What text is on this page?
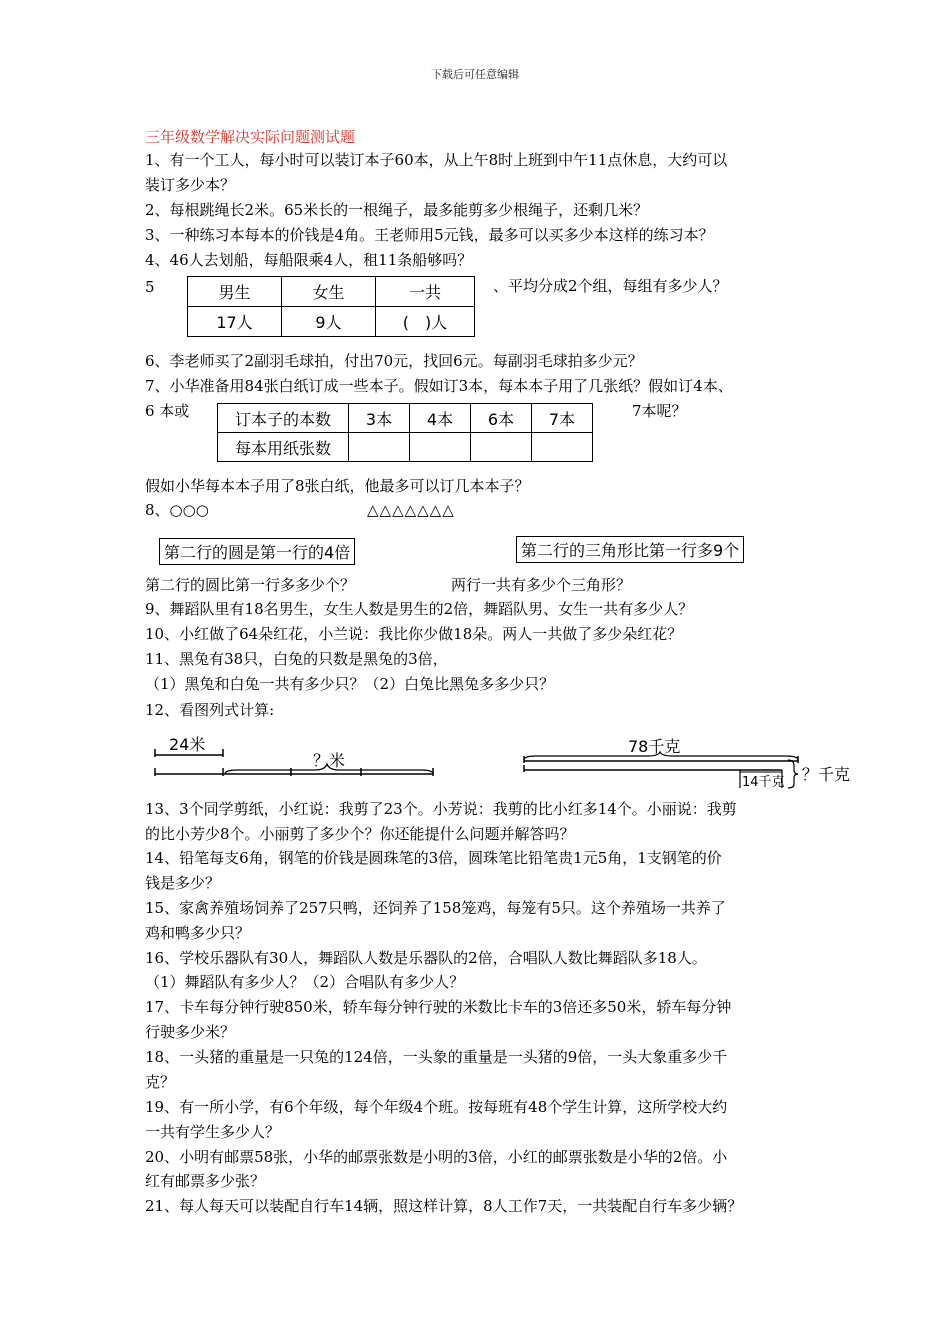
下载后可任意编辑
三年级数学解决实际问题测试题
1、有一个工人，每小时可以装订本子60本，从上午8时上班到中午11点休息，大约可以
装订多少本？
2、每根跳绳长2米。65米长的一根绳子，最多能剪多少根绳子，还剩几米？
3、一种练习本每本的价钱是4角。王老师用5元钱，最多可以买多少本这样的练习本？
4、46人去划船，每船限乘4人，租11条船够吗？
5	男生	女生	一共
17人	9人	(　)人
、平均分成2个组，每组有多少人？
6、李老师买了2副羽毛球拍，付出70元，找回6元。每副羽毛球拍多少元？
7、小华准备用84张白纸订成一些本子。假如订3本，每本本子用了几张纸？假如订4本、
6 本或	订本子的本数	3本	4本	6本	7本
每本用纸张数				
7本呢？
假如小华每本本子用了8张白纸，他最多可以订几本本子？
8、○○○	△△△△△△△
第二行的圆是第一行的4倍	第二行的三角形比第一行多9个
第二行的圆比第一行多多少个？	两行一共有多少个三角形？
9、舞蹈队里有18名男生，女生人数是男生的2倍，舞蹈队男、女生一共有多少人？
10、小红做了64朵红花，小兰说：我比你少做18朵。两人一共做了多少朵红花？
11、黑兔有38只，白兔的只数是黑兔的3倍，
（1）黑兔和白兔一共有多少只？（2）白兔比黑兔多多少只？
12、看图列式计算:
24米
？米
78千克
14千克 ？千克
13、3个同学剪纸，小红说：我剪了23个。小芳说：我剪的比小红多14个。小丽说：我剪
的比小芳少8个。小丽剪了多少个？你还能提什么问题并解答吗？
14、铅笔每支6角，钢笔的价钱是圆珠笔的3倍，圆珠笔比铅笔贵1元5角，1支钢笔的价
钱是多少？
15、家禽养殖场饲养了257只鸭，还饲养了158笼鸡，每笼有5只。这个养殖场一共养了
鸡和鸭多少只？
16、学校乐器队有30人，舞蹈队人数是乐器队的2倍，合唱队人数比舞蹈队多18人。
（1）舞蹈队有多少人？（2）合唱队有多少人？
17、卡车每分钟行驶850米，轿车每分钟行驶的米数比卡车的3倍还多50米，轿车每分钟
行驶多少米？
18、一头猪的重量是一只兔的124倍，一头象的重量是一头猪的9倍，一头大象重多少千
克？
19、有一所小学，有6个年级，每个年级4个班。按每班有48个学生计算，这所学校大约
一共有学生多少人？
20、小明有邮票58张，小华的邮票张数是小明的3倍，小红的邮票张数是小华的2倍。小
红有邮票多少张？
21、每人每天可以装配自行车14辆，照这样计算，8人工作7天，一共装配自行车多少辆？
